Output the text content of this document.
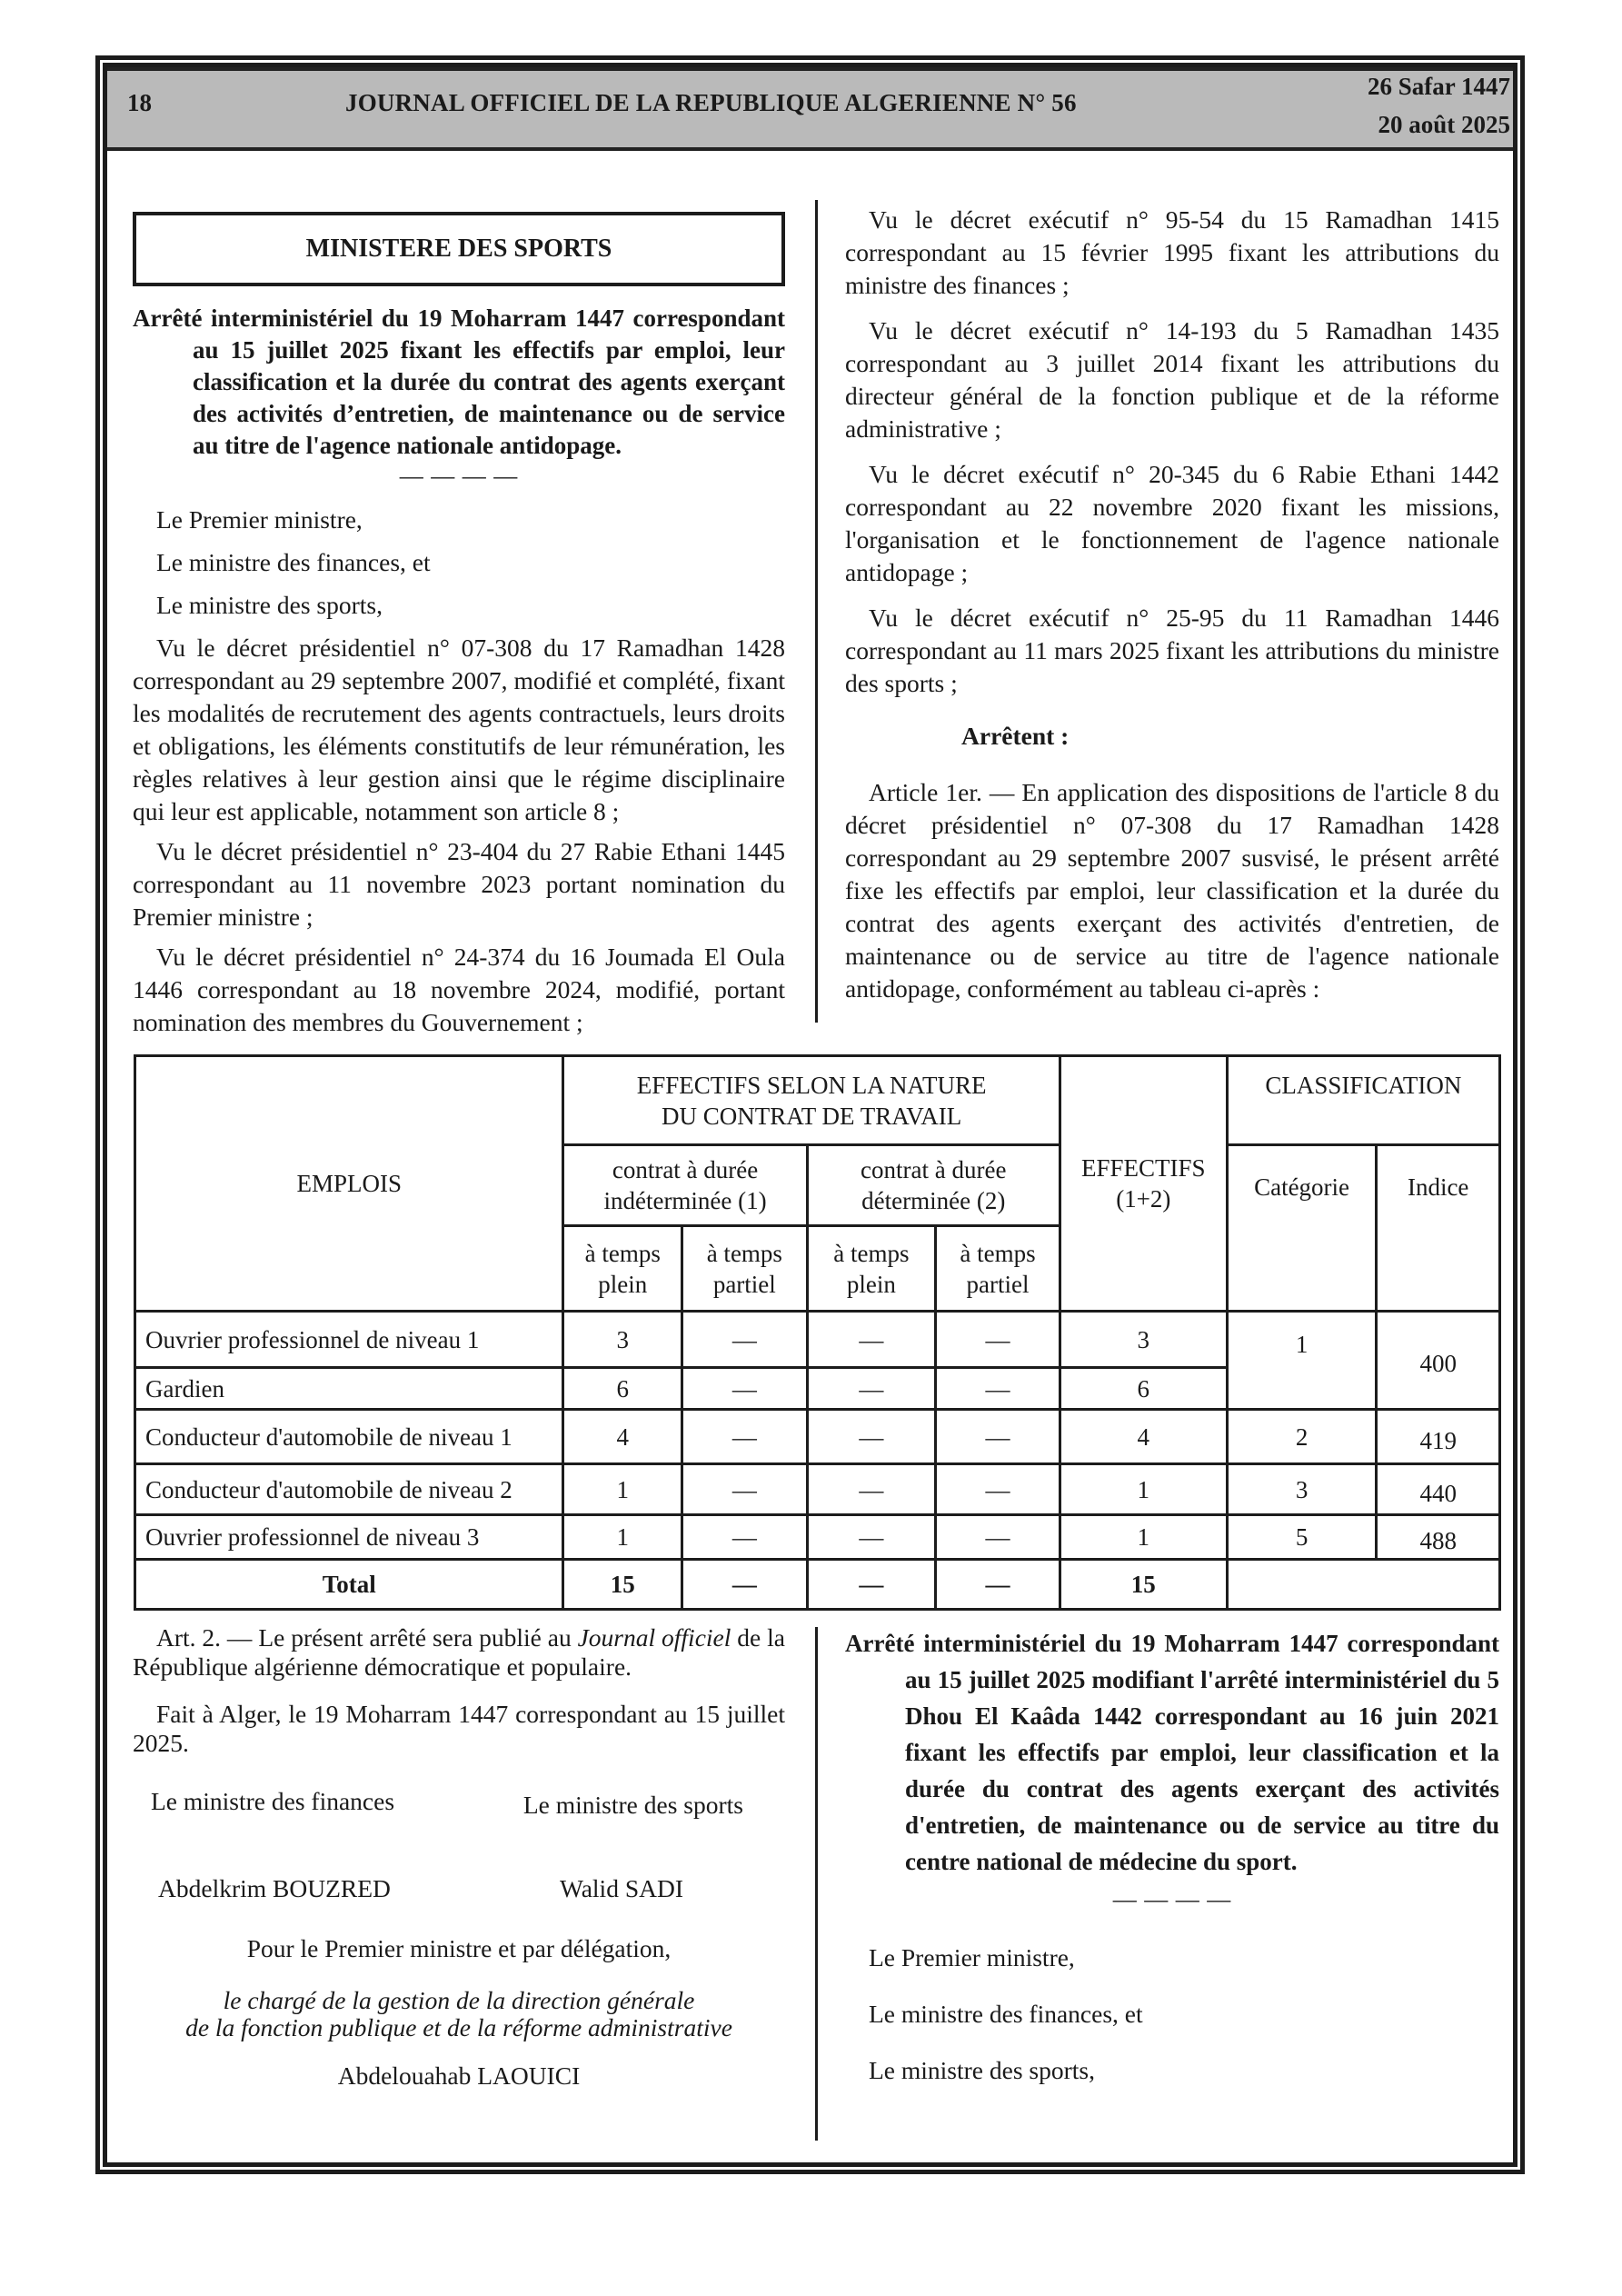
18	JOURNAL OFFICIEL DE LA REPUBLIQUE ALGERIENNE N° 56
26 Safar 1447
20 août 2025
MINISTERE DES SPORTS
Arrêté interministériel du 19 Moharram 1447 correspondant au 15 juillet 2025 fixant les effectifs par emploi, leur classification et la durée du contrat des agents exerçant des activités d’entretien, de maintenance ou de service au titre de l'agence nationale antidopage.
— — — —

Le Premier ministre,

Le ministre des finances, et

Le ministre des sports,

Vu le décret présidentiel n° 07-308 du 17 Ramadhan 1428 correspondant au 29 septembre 2007, modifié et complété, fixant les modalités de recrutement des agents contractuels, leurs droits et obligations, les éléments constitutifs de leur rémunération, les règles relatives à leur gestion ainsi que le régime disciplinaire qui leur est applicable, notamment son article 8 ;

Vu le décret présidentiel n° 23-404 du 27 Rabie Ethani 1445 correspondant au 11 novembre 2023 portant nomination du Premier ministre ;

Vu le décret présidentiel n° 24-374 du 16 Joumada El Oula 1446 correspondant au 18 novembre 2024, modifié, portant nomination des membres du Gouvernement ;

Vu le décret exécutif n° 95-54 du 15 Ramadhan 1415 correspondant au 15 février 1995 fixant les attributions du ministre des finances ;

Vu le décret exécutif n° 14-193 du 5 Ramadhan 1435 correspondant au 3 juillet 2014 fixant les attributions du directeur général de la fonction publique et de la réforme administrative ;

Vu le décret exécutif n° 20-345 du 6 Rabie Ethani 1442 correspondant au 22 novembre 2020 fixant les missions, l'organisation et le fonctionnement de l'agence nationale antidopage ;

Vu le décret exécutif n° 25-95 du 11 Ramadhan 1446 correspondant au 11 mars 2025 fixant les attributions du ministre des sports ;

Arrêtent :

Article 1er. — En application des dispositions de l'article 8 du décret présidentiel n° 07-308 du 17 Ramadhan 1428 correspondant au 29 septembre 2007 susvisé, le présent arrêté fixe les effectifs par emploi, leur classification et la durée du contrat des agents exerçant des activités d'entretien, de maintenance ou de service au titre de l'agence nationale antidopage, conformément au tableau ci-après :

EMPLOIS	EFFECTIFS SELON LA NATURE DU CONTRAT DE TRAVAIL				EFFECTIFS (1+2)	CLASSIFICATION	
	contrat à durée indéterminée (1)		contrat à durée déterminée (2)			Catégorie	Indice
	à temps plein	à temps partiel	à temps plein	à temps partiel			
Ouvrier professionnel de niveau 1	3	—	—	—	3	1	400
Gardien	6	—	—	—	6		
Conducteur d'automobile de niveau 1	4	—	—	—	4	2	419
Conducteur d'automobile de niveau 2	1	—	—	—	1	3	440
Ouvrier professionnel de niveau 3	1	—	—	—	1	5	488
Total	15	—	—	—	15		

Art. 2. — Le présent arrêté sera publié au Journal officiel de la République algérienne démocratique et populaire.

Fait à Alger, le 19 Moharram 1447 correspondant au 15 juillet 2025.

Le ministre des finances	Le ministre des sports
Abdelkrim BOUZRED	Walid SADI
Pour le Premier ministre et par délégation,
le chargé de la gestion de la direction générale
de la fonction publique et de la réforme administrative
Abdelouahab LAOUICI
Arrêté interministériel du 19 Moharram 1447 correspondant au 15 juillet 2025 modifiant l'arrêté interministériel du 5 Dhou El Kaâda 1442 correspondant au 16 juin 2021 fixant les effectifs par emploi, leur classification et la durée du contrat des agents exerçant des activités d'entretien, de maintenance ou de service au titre du centre national de médecine du sport.
— — — —

Le Premier ministre,

Le ministre des finances, et

Le ministre des sports,
